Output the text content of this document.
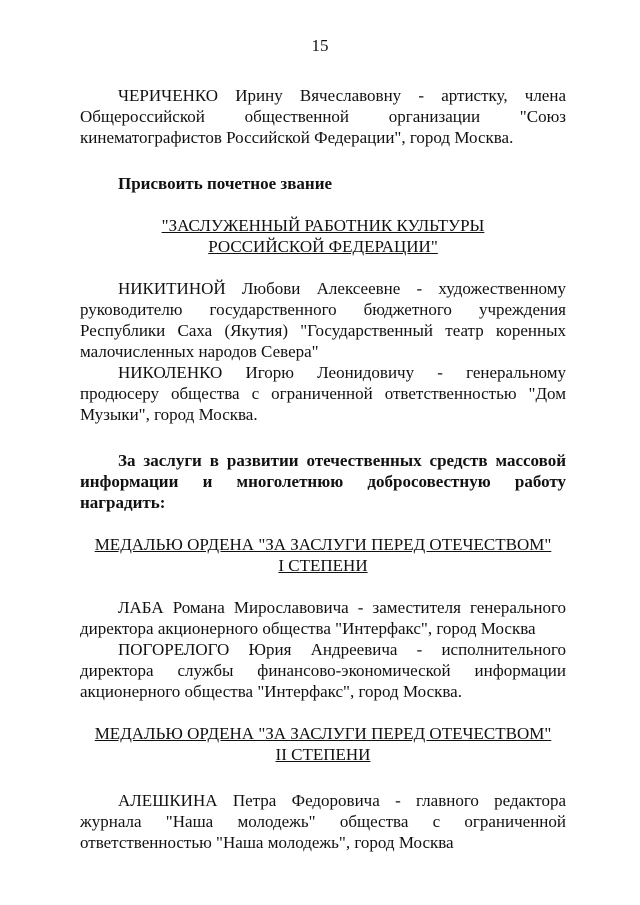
15

ЧЕРИЧЕНКО Ирину Вячеславовну - артистку, члена Общероссийской общественной организации "Союз кинематографистов Российской Федерации", город Москва.

Присвоить почетное звание

"ЗАСЛУЖЕННЫЙ РАБОТНИК КУЛЬТУРЫ

РОССИЙСКОЙ ФЕДЕРАЦИИ"

НИКИТИНОЙ Любови Алексеевне - художественному руководителю государственного бюджетного учреждения Республики Саха (Якутия) "Государственный театр коренных малочисленных народов Севера"

НИКОЛЕНКО Игорю Леонидовичу - генеральному продюсеру общества с ограниченной ответственностью "Дом Музыки", город Москва.

За заслуги в развитии отечественных средств массовой информации и многолетнюю добросовестную работу наградить:

МЕДАЛЬЮ ОРДЕНА "ЗА ЗАСЛУГИ ПЕРЕД ОТЕЧЕСТВОМ"

I СТЕПЕНИ

ЛАБА Романа Мирославовича - заместителя генерального директора акционерного общества "Интерфакс", город Москва

ПОГОРЕЛОГО Юрия Андреевича - исполнительного директора службы финансово-экономической информации акционерного общества "Интерфакс", город Москва.

МЕДАЛЬЮ ОРДЕНА "ЗА ЗАСЛУГИ ПЕРЕД ОТЕЧЕСТВОМ"

II СТЕПЕНИ

АЛЕШКИНА Петра Федоровича - главного редактора журнала "Наша молодежь" общества с ограниченной ответственностью "Наша молодежь", город Москва
